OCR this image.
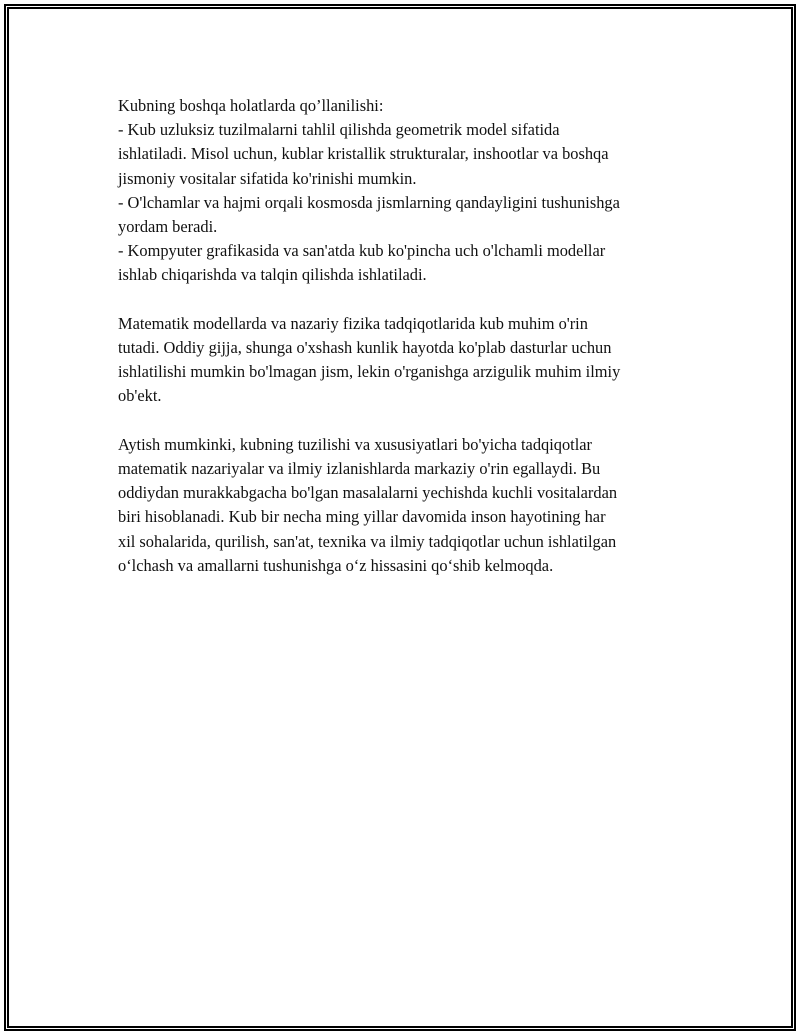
Kubning boshqa holatlarda qo’llanilishi:
- Kub uzluksiz tuzilmalarni tahlil qilishda geometrik model sifatida
ishlatiladi. Misol uchun, kublar kristallik strukturalar, inshootlar va boshqa
jismoniy vositalar sifatida ko'rinishi mumkin.
- O'lchamlar va hajmi orqali kosmosda jismlarning qandayligini tushunishga
yordam beradi.
- Kompyuter grafikasida va san'atda kub ko'pincha uch o'lchamli modellar
ishlab chiqarishda va talqin qilishda ishlatiladi.
Matematik modellarda va nazariy fizika tadqiqotlarida kub muhim o'rin
tutadi. Oddiy gijja, shunga o'xshash kunlik hayotda ko'plab dasturlar uchun
ishlatilishi mumkin bo'lmagan jism, lekin o'rganishga arzigulik muhim ilmiy
ob'ekt.
Aytish mumkinki, kubning tuzilishi va xususiyatlari bo'yicha tadqiqotlar
matematik nazariyalar va ilmiy izlanishlarda markaziy o'rin egallaydi. Bu
oddiydan murakkabgacha bo'lgan masalalarni yechishda kuchli vositalardan
biri hisoblanadi. Kub bir necha ming yillar davomida inson hayotining har
xil sohalarida, qurilish, san'at, texnika va ilmiy tadqiqotlar uchun ishlatilgan
o‘lchash va amallarni tushunishga o‘z hissasini qo‘shib kelmoqda.
